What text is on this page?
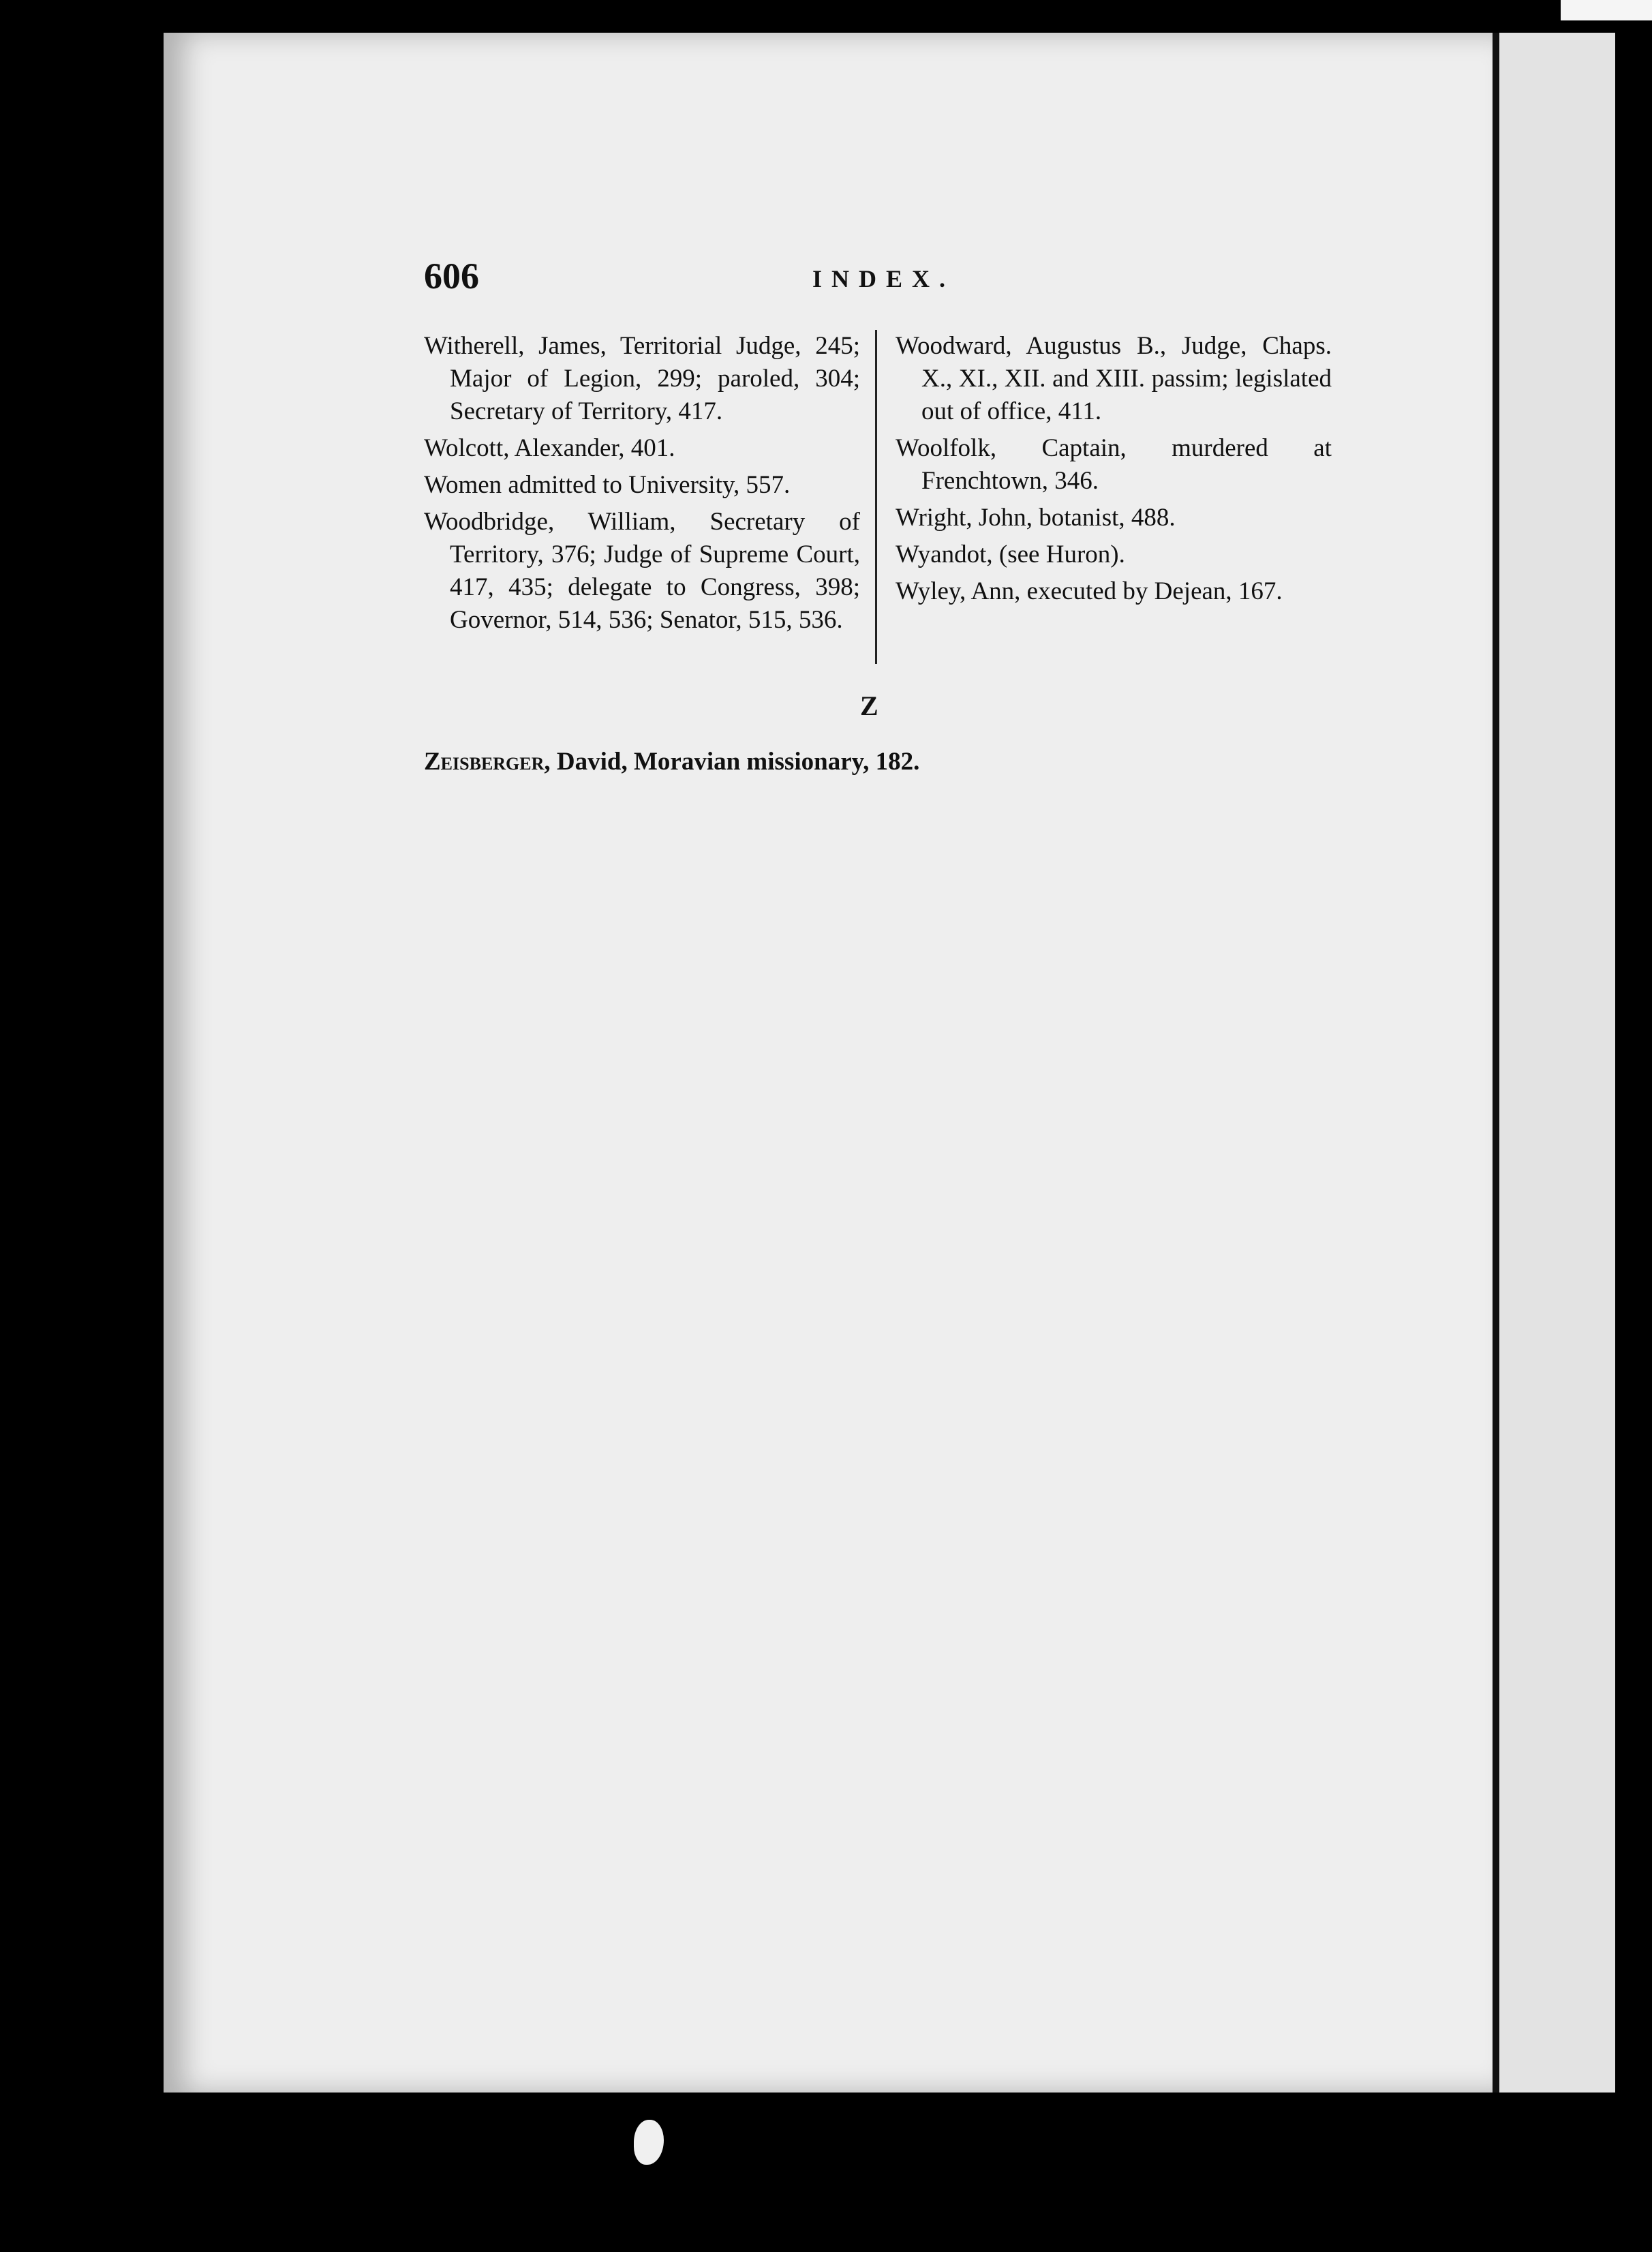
606	INDEX.

Witherell, James, Territorial Judge, 245; Major of Legion, 299; paroled, 304; Secretary of Territory, 417.

Wolcott, Alexander, 401.

Women admitted to University, 557.

Woodbridge, William, Secretary of Territory, 376; Judge of Supreme Court, 417, 435; delegate to Congress, 398; Governor, 514, 536; Senator, 515, 536.

Woodward, Augustus B., Judge, Chaps. X., XI., XII. and XIII. passim; legislated out of office, 411.

Woolfolk, Captain, murdered at Frenchtown, 346.

Wright, John, botanist, 488.

Wyandot, (see Huron).

Wyley, Ann, executed by Dejean, 167.

Z
Zeisberger, David, Moravian missionary, 182.
